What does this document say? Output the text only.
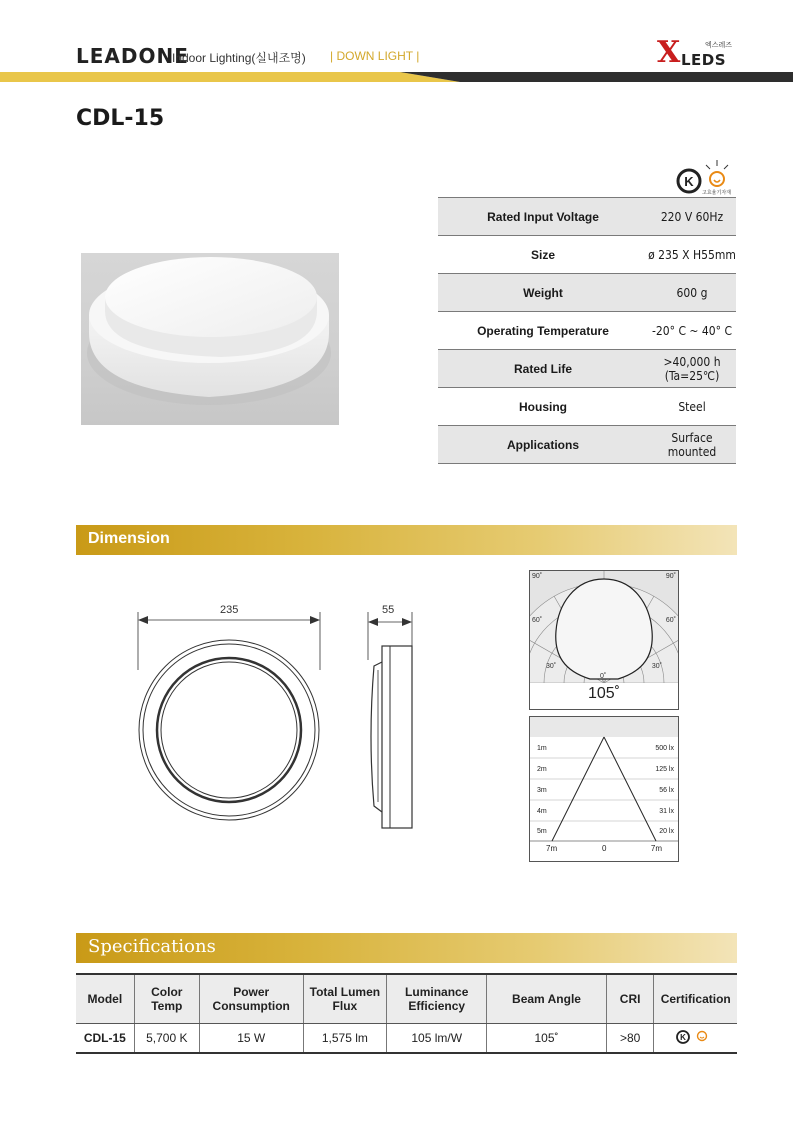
LEADONE
Indoor Lighting(실내조명) | DOWN LIGHT |	X LEDS
엑스레즈
CDL-15
K
고효율기자재
Rated Input Voltage	220 V 60Hz
Size	ø 235 X H55mm
Weight	600 g
Operating Temperature	-20° C ~ 40° C
Rated Life	>40,000 h (Ta=25℃)
Housing	Steel
Applications	Surface mounted
Dimension
235	55
90˚	90˚
60˚	60˚
30˚	30˚
0˚
105˚
1m	500 lx
2m	125 lx
3m	56 lx
4m	31 lx
5m	20 lx
7m	0	7m
Specifications
Model	Color Temp	Power Consumption	Total Lumen Flux	Luminance Efficiency	Beam Angle	CRI	Certification
CDL-15	5,700 K	15 W	1,575 lm	105 lm/W	105˚	>80	K
